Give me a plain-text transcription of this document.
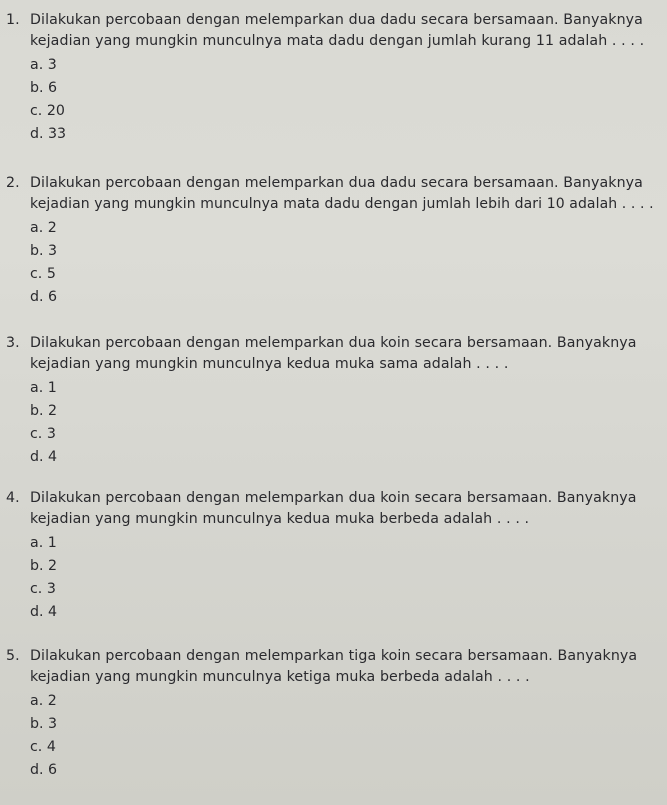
1. Dilakukan percobaan dengan melemparkan dua dadu secara bersamaan. Banyaknya
kejadian yang mungkin munculnya mata dadu dengan jumlah kurang 11 adalah . . . .
a. 3
b. 6
c. 20
d. 33
2. Dilakukan percobaan dengan melemparkan dua dadu secara bersamaan. Banyaknya
kejadian yang mungkin munculnya mata dadu dengan jumlah lebih dari 10 adalah . . . .
a. 2
b. 3
c. 5
d. 6
3. Dilakukan percobaan dengan melemparkan dua koin secara bersamaan. Banyaknya
kejadian yang mungkin munculnya kedua muka sama adalah . . . .
a. 1
b. 2
c. 3
d. 4
4. Dilakukan percobaan dengan melemparkan dua koin secara bersamaan. Banyaknya
kejadian yang mungkin munculnya kedua muka berbeda adalah . . . .
a. 1
b. 2
c. 3
d. 4
5. Dilakukan percobaan dengan melemparkan tiga koin secara bersamaan. Banyaknya
kejadian yang mungkin munculnya ketiga muka berbeda adalah . . . .
a. 2
b. 3
c. 4
d. 6
